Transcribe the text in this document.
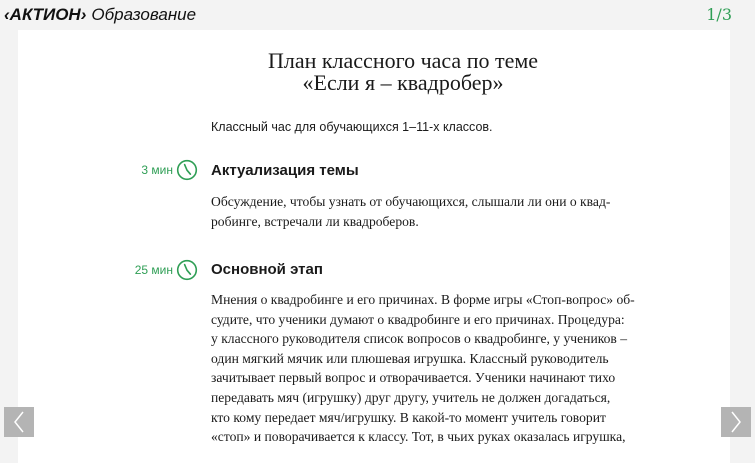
‹АКТИОН› Образование	1/3
План классного часа по теме
«Если я – квадробер»
Классный час для обучающихся 1–11-х классов.
3 мин	Актуализация темы
Обсуждение, чтобы узнать от обучающихся, слышали ли они о квад-
робинге, встречали ли квадроберов.
25 мин	Основной этап
Мнения о квадробинге и его причинах. В форме игры «Стоп-вопрос» об-
судите, что ученики думают о квадробинге и его причинах. Процедура:
у классного руководителя список вопросов о квадробинге, у учеников –
один мягкий мячик или плюшевая игрушка. Классный руководитель
зачитывает первый вопрос и отворачивается. Ученики начинают тихо
передавать мяч (игрушку) друг другу, учитель не должен догадаться,
кто кому передает мяч/игрушку. В какой-то момент учитель говорит
«стоп» и поворачивается к классу. Тот, в чьих руках оказалась игрушка,
